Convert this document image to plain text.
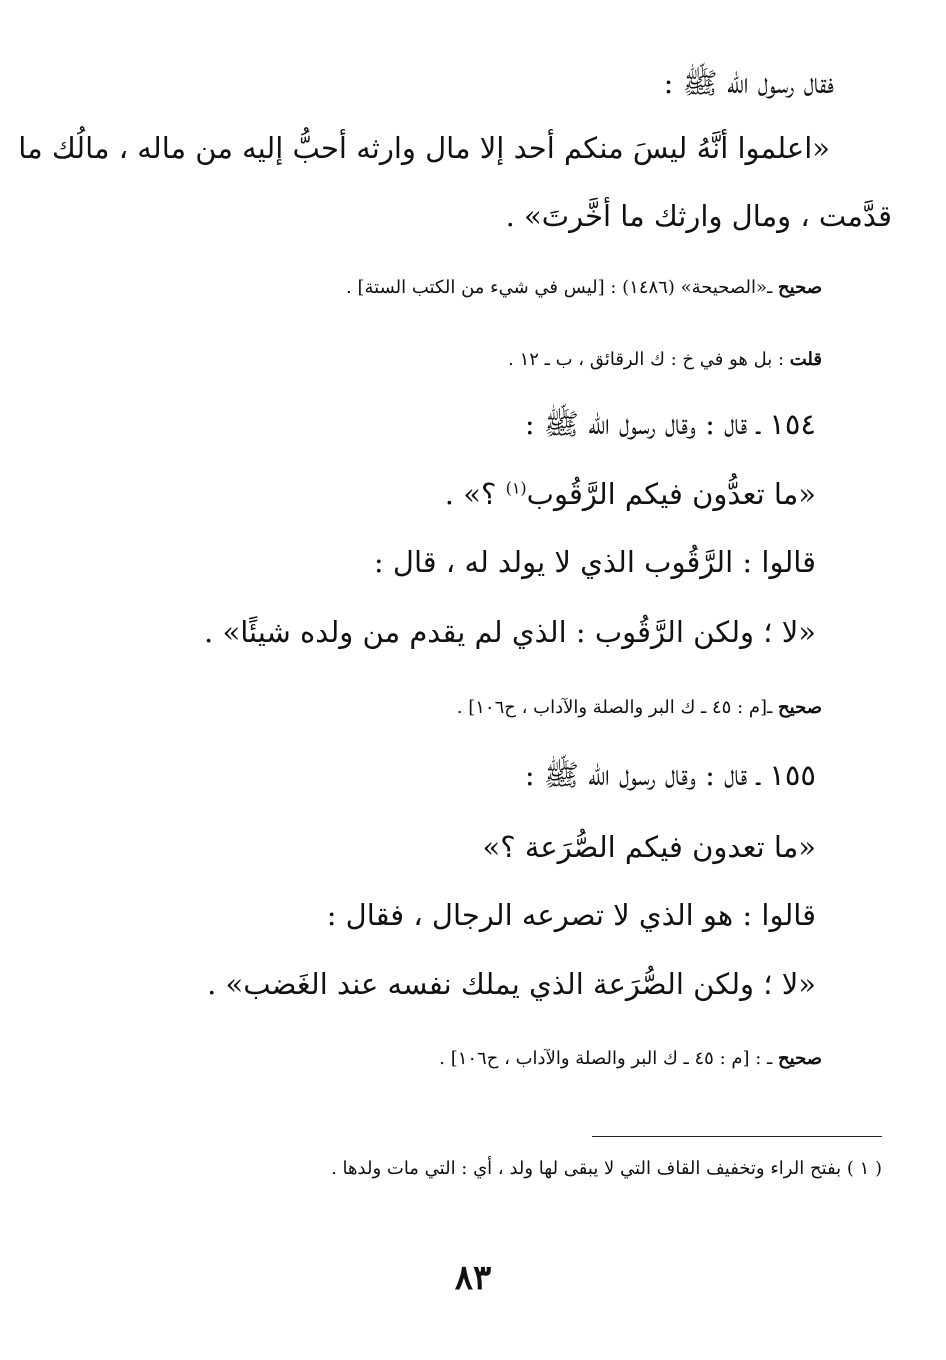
فقال رسول الله ﷺ :
«اعلموا أنَّهُ ليسَ منكم أحد إلا مال وارثه أحبُّ إليه من ماله ، مالُك ما
قدَّمت ، ومال وارثك ما أخَّرتَ» .
صحيح ـ«الصحيحة» (١٤٨٦) : [ليس في شيء من الكتب الستة] .
قلت : بل هو في خ : ك الرقائق ، ب ـ ١٢ .
١٥٤ ـ قال : وقال رسول اللّه ﷺ :
«ما تعدُّون فيكم الرَّقُوب$^{(١)}$ ؟» .
قالوا : الرَّقُوب الذي لا يولد له ، قال :
«لا ؛ ولكن الرَّقُوب : الذي لم يقدم من ولده شيئًا» .
صحيح ـ[م : ٤٥ ـ ك البر والصلة والآداب ، ح١٠٦] .
١٥٥ ـ قال : وقال رسول اللّه ﷺ :
«ما تعدون فيكم الصُّرَعة ؟»
قالوا : هو الذي لا تصرعه الرجال ، فقال :
«لا ؛ ولكن الصُّرَعة الذي يملك نفسه عند الغَضب» .
صحيح ـ : [م : ٤٥ ـ ك البر والصلة والآداب ، ح١٠٦] .
( ١ ) بفتح الراء وتخفيف القاف التي لا يبقى لها ولد ، أي : التي مات ولدها .
٨٣
